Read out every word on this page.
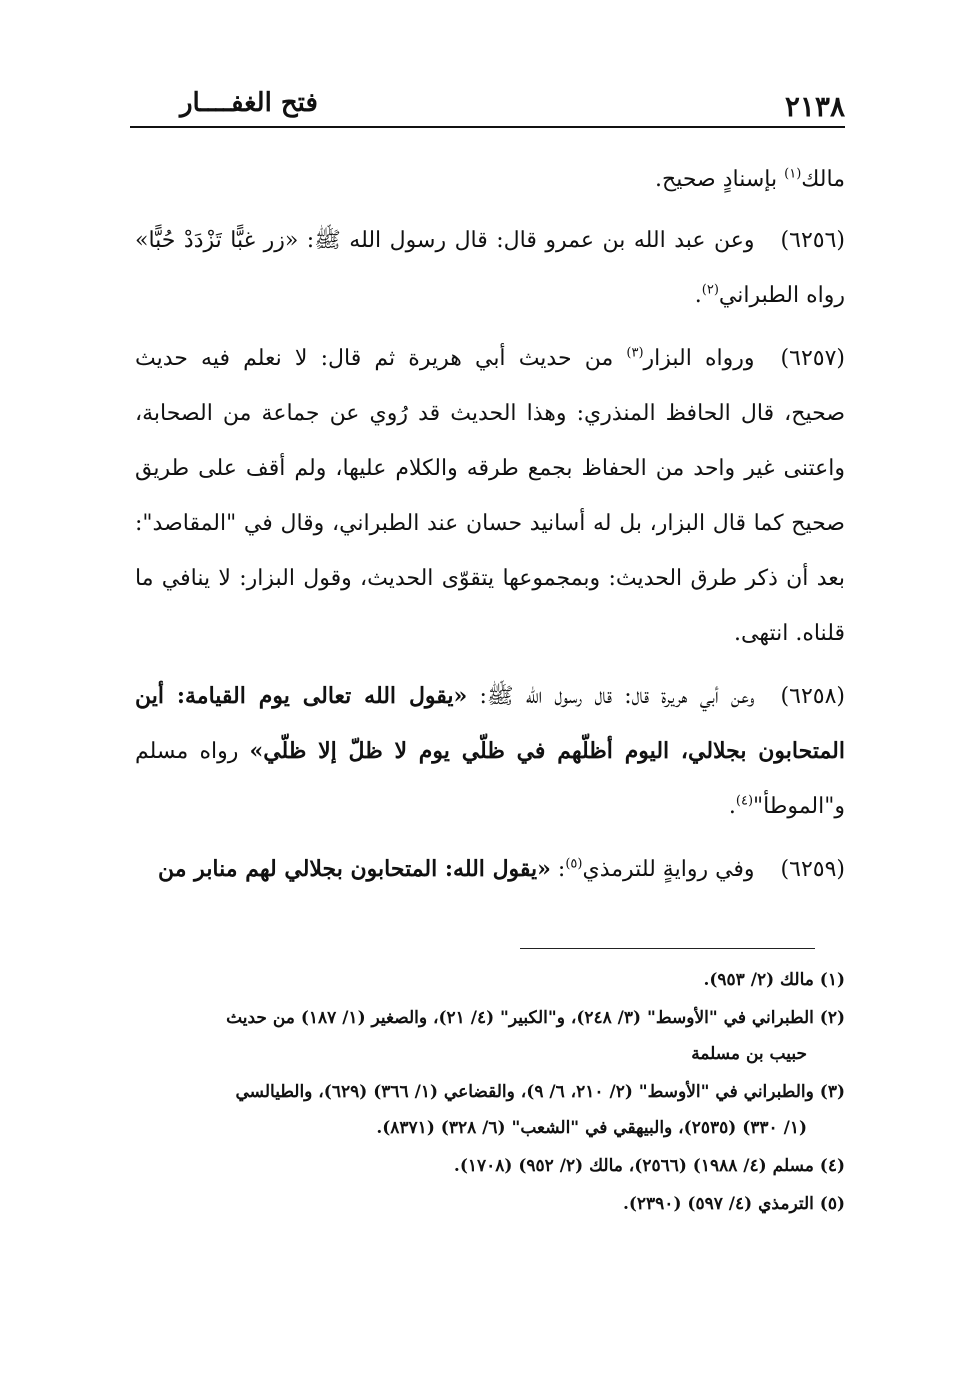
٢١٣٨
فتح الغفــــار

مالك$^{(١)}$ بإسنادٍ صحيح.

(٦٢٥٦)وعن عبد الله بن عمرو قال: قال رسول الله ﷺ: «زر غبًّا تَزْدَدْ حُبًّا» رواه الطبراني$^{(٢)}$.

(٦٢٥٧)ورواه البزار$^{(٣)}$ من حديث أبي هريرة ثم قال: لا نعلم فيه حديث صحيح، قال الحافظ المنذري: وهذا الحديث قد رُوي عن جماعة من الصحابة، واعتنى غير واحد من الحفاظ بجمع طرقه والكلام عليها، ولم أقف على طريق صحيح كما قال البزار، بل له أسانيد حسان عند الطبراني، وقال في "المقاصد": بعد أن ذكر طرق الحديث: وبمجموعها يتقوّى الحديث، وقول البزار: لا ينافي ما قلناه. انتهى.

(٦٢٥٨)وعن أبي هريرة قال: قال رسول الله ﷺ: «يقول الله تعالى يوم القيامة: أين المتحابون بجلالي، اليوم أظلّهم في ظلّي يوم لا ظلّ إلا ظلّي» رواه مسلم و"الموطأ"$^{(٤)}$.

(٦٢٥٩)وفي روايةٍ للترمذي$^{(٥)}$: «يقول الله: المتحابون بجلالي لهم منابر من

(١) مالك (٢/ ٩٥٣).
(٢) الطبراني في "الأوسط" (٣/ ٢٤٨)، و"الكبير" (٤/ ٢١)، والصغير (١/ ١٨٧) من حديث
حبيب بن مسلمة
(٣) والطبراني في "الأوسط" (٢/ ٢١٠، ٦/ ٩)، والقضاعي (١/ ٣٦٦) (٦٢٩)، والطيالسي
(١/ ٣٣٠) (٢٥٣٥)، والبيهقي في "الشعب" (٦/ ٣٢٨) (٨٣٧١).
(٤) مسلم (٤/ ١٩٨٨) (٢٥٦٦)، مالك (٢/ ٩٥٢) (١٧٠٨).
(٥) الترمذي (٤/ ٥٩٧) (٢٣٩٠).
